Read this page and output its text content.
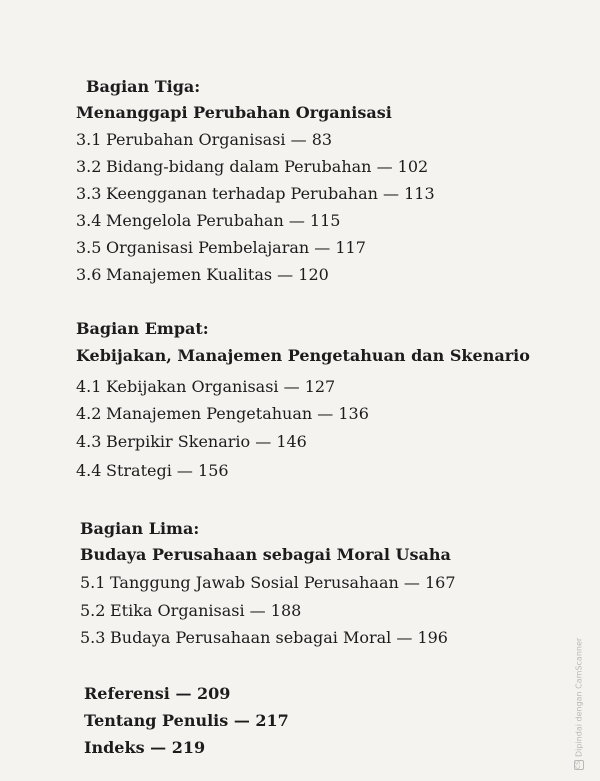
Bagian Tiga:
Menanggapi Perubahan Organisasi
3.1 Perubahan Organisasi — 83
3.2 Bidang-bidang dalam Perubahan — 102
3.3 Keengganan terhadap Perubahan — 113
3.4 Mengelola Perubahan — 115
3.5 Organisasi Pembelajaran — 117
3.6 Manajemen Kualitas — 120
Bagian Empat:
Kebijakan, Manajemen Pengetahuan dan Skenario
4.1 Kebijakan Organisasi — 127
4.2 Manajemen Pengetahuan — 136
4.3 Berpikir Skenario — 146
4.4 Strategi — 156
Bagian Lima:
Budaya Perusahaan sebagai Moral Usaha
5.1 Tanggung Jawab Sosial Perusahaan — 167
5.2 Etika Organisasi — 188
5.3 Budaya Perusahaan sebagai Moral — 196
Referensi — 209
Tentang Penulis — 217
Indeks — 219
CSDipindai dengan CamScanner
